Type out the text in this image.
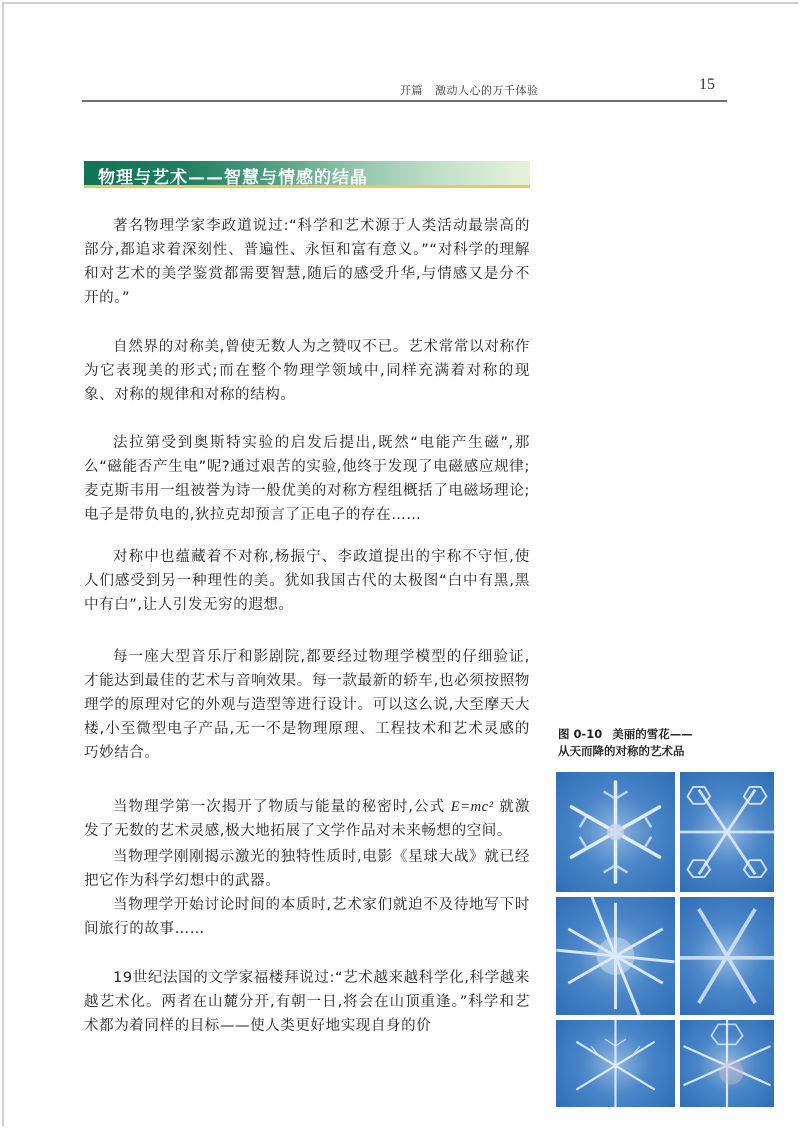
开篇 激动人心的万千体验	15
物理与艺术——智慧与情感的结晶

著名物理学家李政道说过:“科学和艺术源于人类活动最崇高的部分,都追求着深刻性、普遍性、永恒和富有意义。”“对科学的理解和对艺术的美学鉴赏都需要智慧,随后的感受升华,与情感又是分不开的。”

自然界的对称美,曾使无数人为之赞叹不已。艺术常常以对称作为它表现美的形式;而在整个物理学领域中,同样充满着对称的现象、对称的规律和对称的结构。

法拉第受到奥斯特实验的启发后提出,既然“电能产生磁”,那么“磁能否产生电”呢?通过艰苦的实验,他终于发现了电磁感应规律;麦克斯韦用一组被誉为诗一般优美的对称方程组概括了电磁场理论;电子是带负电的,狄拉克却预言了正电子的存在……

对称中也蕴藏着不对称,杨振宁、李政道提出的宇称不守恒,使人们感受到另一种理性的美。犹如我国古代的太极图“白中有黑,黑中有白”,让人引发无穷的遐想。

每一座大型音乐厅和影剧院,都要经过物理学模型的仔细验证,才能达到最佳的艺术与音响效果。每一款最新的轿车,也必须按照物理学的原理对它的外观与造型等进行设计。可以这么说,大至摩天大楼,小至微型电子产品,无一不是物理原理、工程技术和艺术灵感的巧妙结合。

当物理学第一次揭开了物质与能量的秘密时,公式 E=mc² 就激发了无数的艺术灵感,极大地拓展了文学作品对未来畅想的空间。

当物理学刚刚揭示激光的独特性质时,电影《星球大战》就已经把它作为科学幻想中的武器。

当物理学开始讨论时间的本质时,艺术家们就迫不及待地写下时间旅行的故事……

19世纪法国的文学家福楼拜说过:“艺术越来越科学化,科学越来越艺术化。两者在山麓分开,有朝一日,将会在山顶重逢。”科学和艺术都为着同样的目标——使人类更好地实现自身的价

图 0-10 美丽的雪花——
从天而降的对称的艺术品
